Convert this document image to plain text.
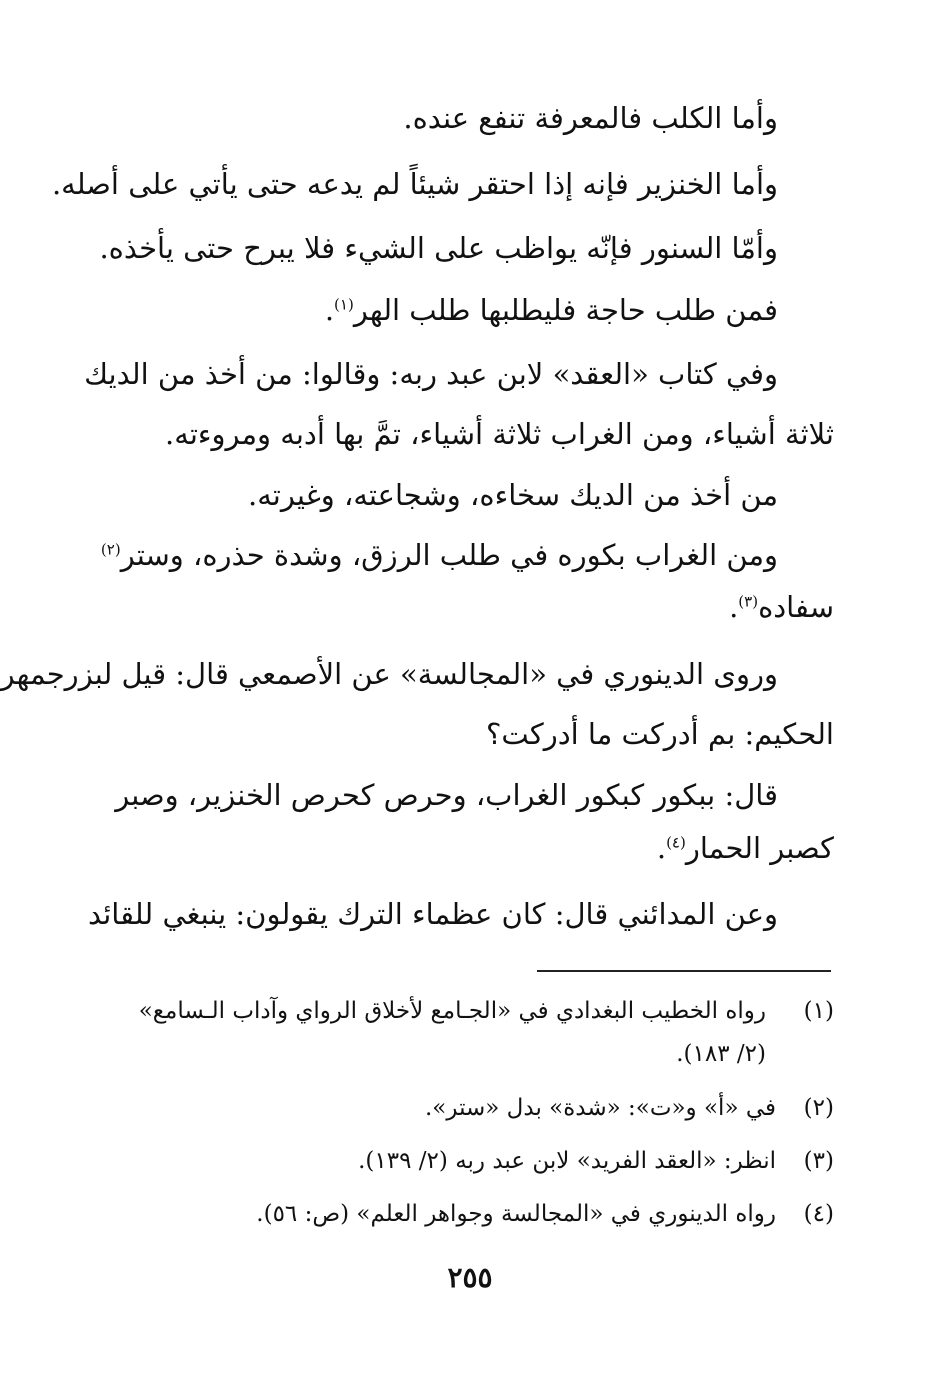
وأما الكلب فالمعرفة تنفع عنده.
وأما الخنزير فإنه إذا احتقر شيئاً لم يدعه حتى يأتي على أصله.
وأمّا السنور فإنّه يواظب على الشيء فلا يبرح حتى يأخذه.
فمن طلب حاجة فليطلبها طلب الهر$^{(١)}$.
وفي كتاب «العقد» لابن عبد ربه: وقالوا: من أخذ من الديك
ثلاثة أشياء، ومن الغراب ثلاثة أشياء، تمَّ بها أدبه ومروءته.
من أخذ من الديك سخاءه، وشجاعته، وغيرته.
ومن الغراب بكوره في طلب الرزق، وشدة حذره، وستر$^{(٢)}$
سفاده$^{(٣)}$.
وروى الدينوري في «المجالسة» عن الأصمعي قال: قيل لبزرجمهر
الحكيم: بم أدركت ما أدركت؟
قال: ببكور كبكور الغراب، وحرص كحرص الخنزير، وصبر
كصبر الحمار$^{(٤)}$.
وعن المدائني قال: كان عظماء الترك يقولون: ينبغي للقائد
(١)
رواه الخطيب البغدادي في «الجـامع لأخلاق الرواي وآداب الـسامع»
(٢/ ١٨٣).
(٢)
في «أ» و«ت»: «شدة» بدل «ستر».
(٣)
انظر: «العقد الفريد» لابن عبد ربه (٢/ ١٣٩).
(٤)
رواه الدينوري في «المجالسة وجواهر العلم» (ص: ٥٦).
٢٥٥
